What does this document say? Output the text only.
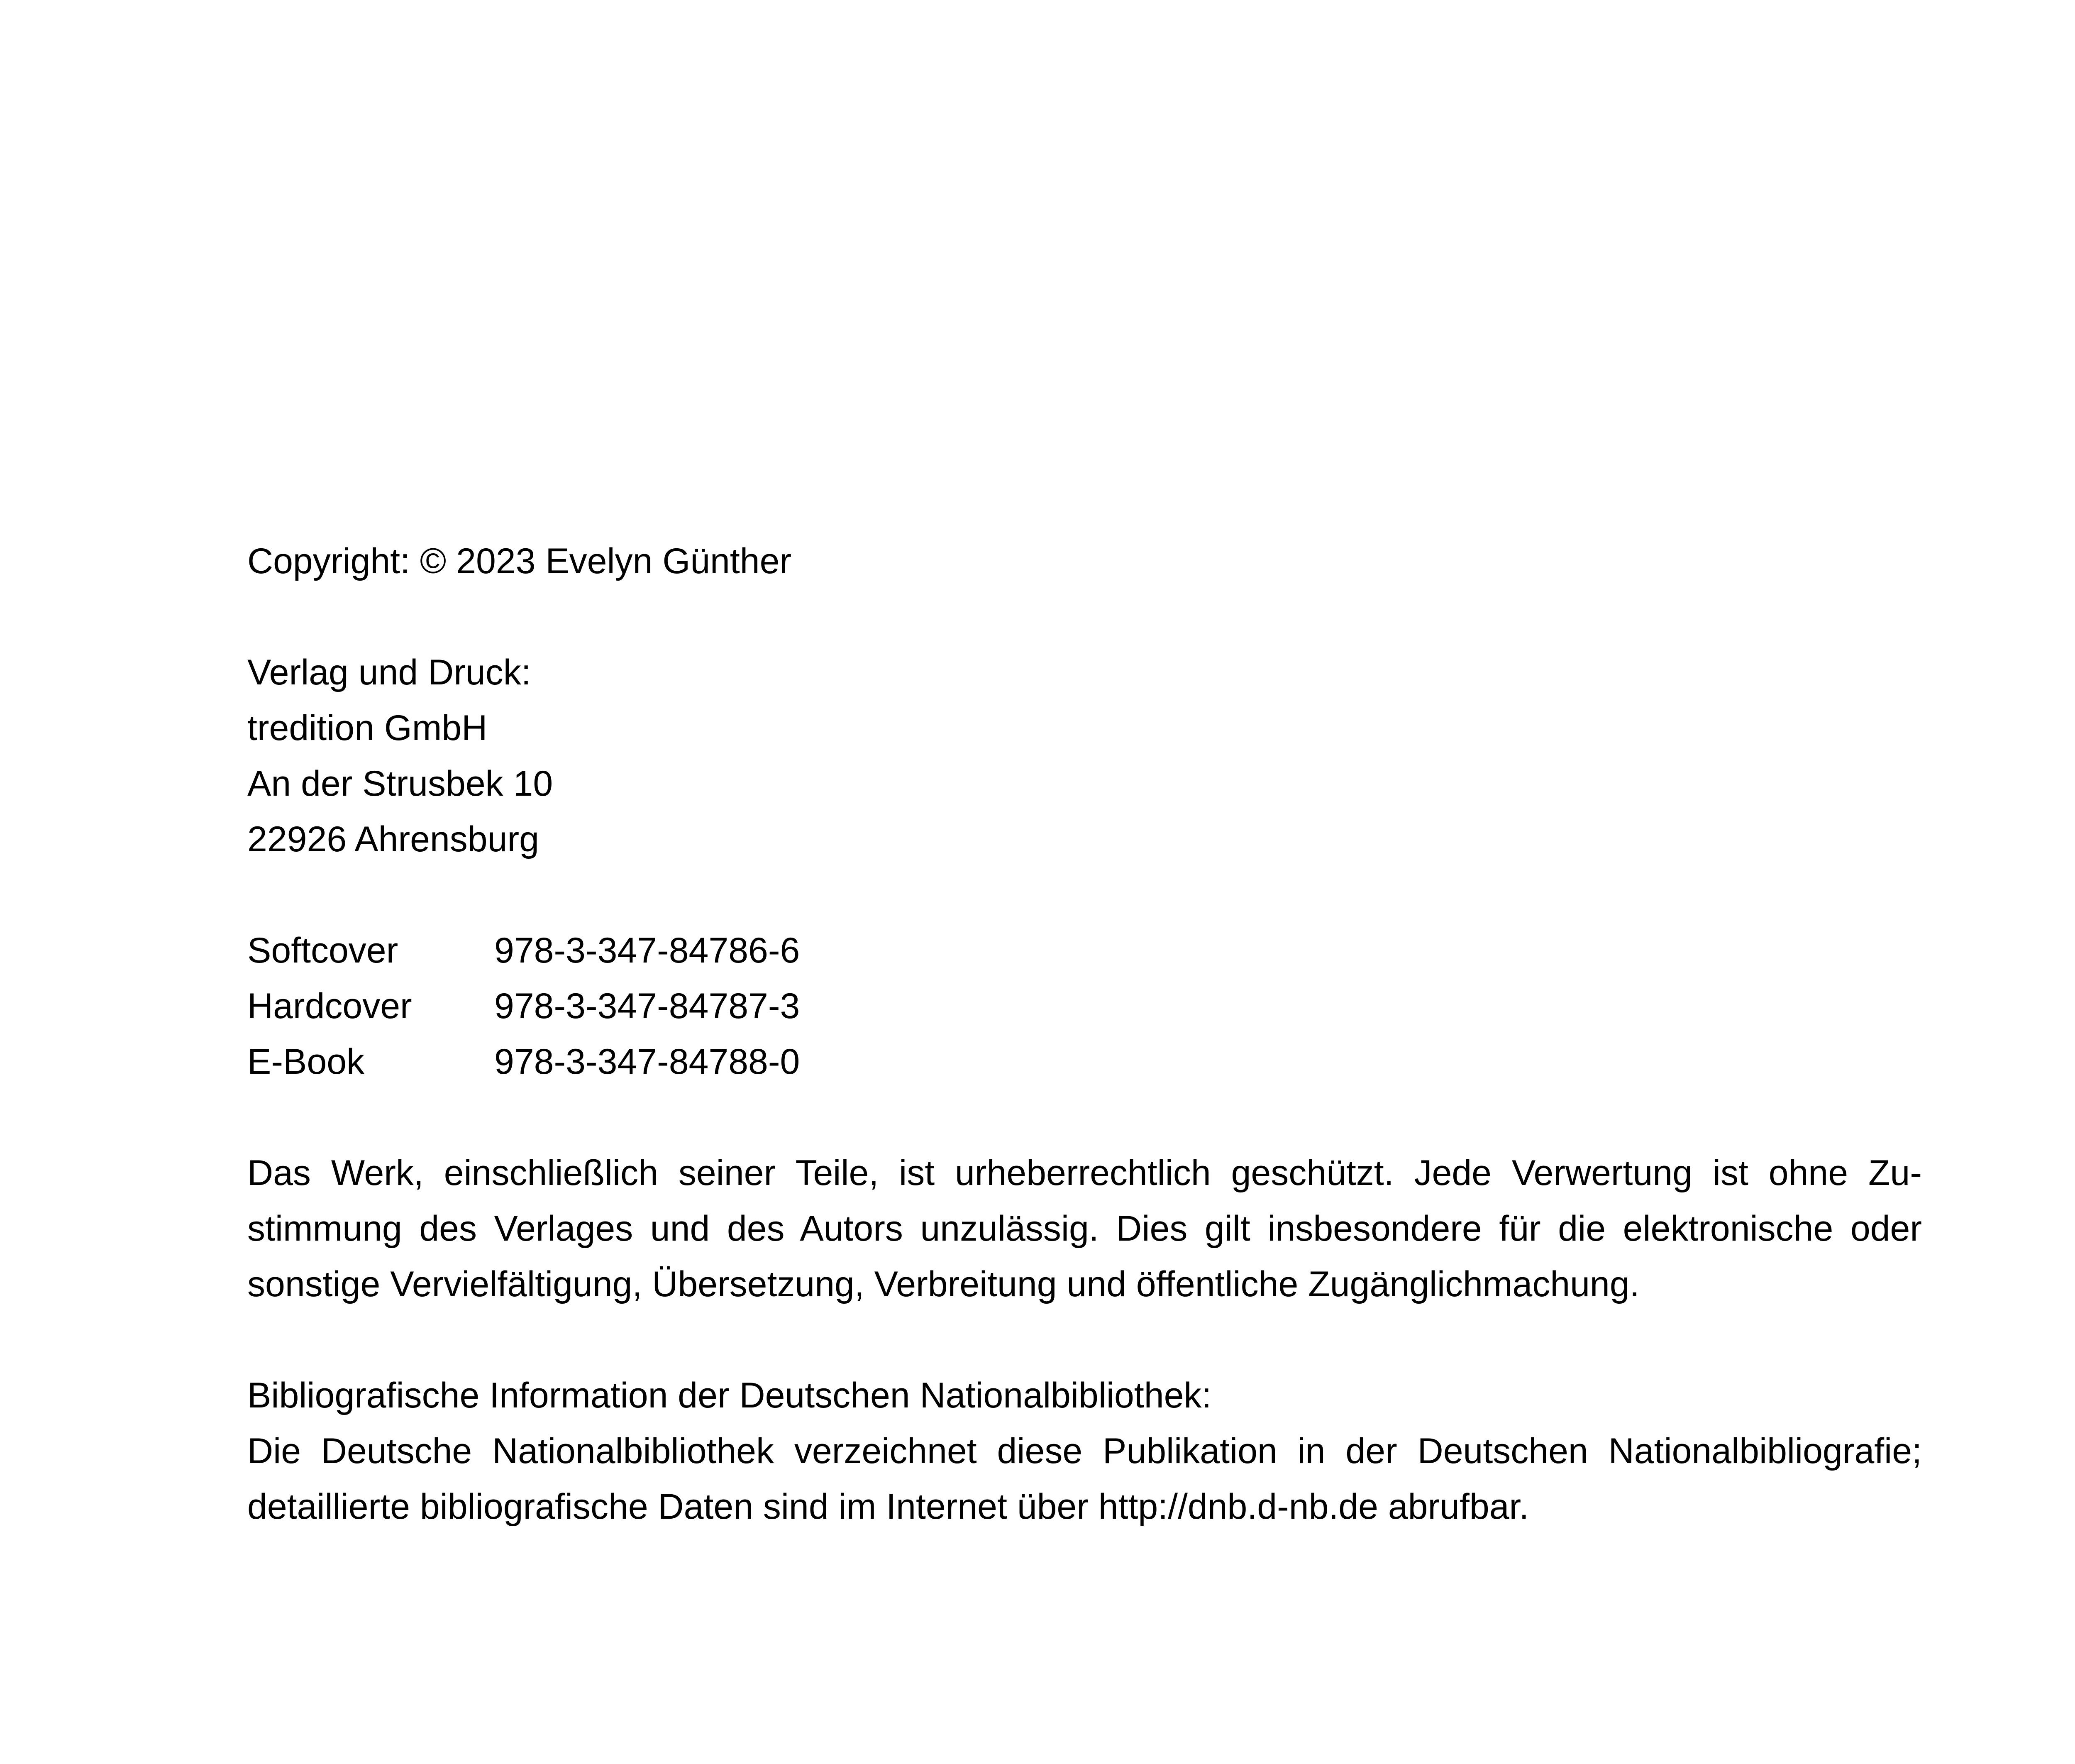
Copyright: © 2023 Evelyn Günther
Verlag und Druck:
tredition GmbH
An der Strusbek 10
22926 Ahrensburg
Softcover	978-3-347-84786-6
Hardcover 978-3-347-84787-3
E-Book	978-3-347-84788-0
Das Werk, einschließlich seiner Teile, ist urheberrechtlich geschützt. Jede Verwertung ist ohne Zustimmung des Verlages und des Autors unzulässig. Dies gilt insbesondere für die elektronische oder sonstige Vervielfältigung, Übersetzung, Verbreitung und öffentliche Zugänglichmachung.
Bibliografische Information der Deutschen Nationalbibliothek:
Die Deutsche Nationalbibliothek verzeichnet diese Publikation in der Deutschen Nationalbibliografie; detaillierte bibliografische Daten sind im Internet über http://dnb.d-nb.de abrufbar.
